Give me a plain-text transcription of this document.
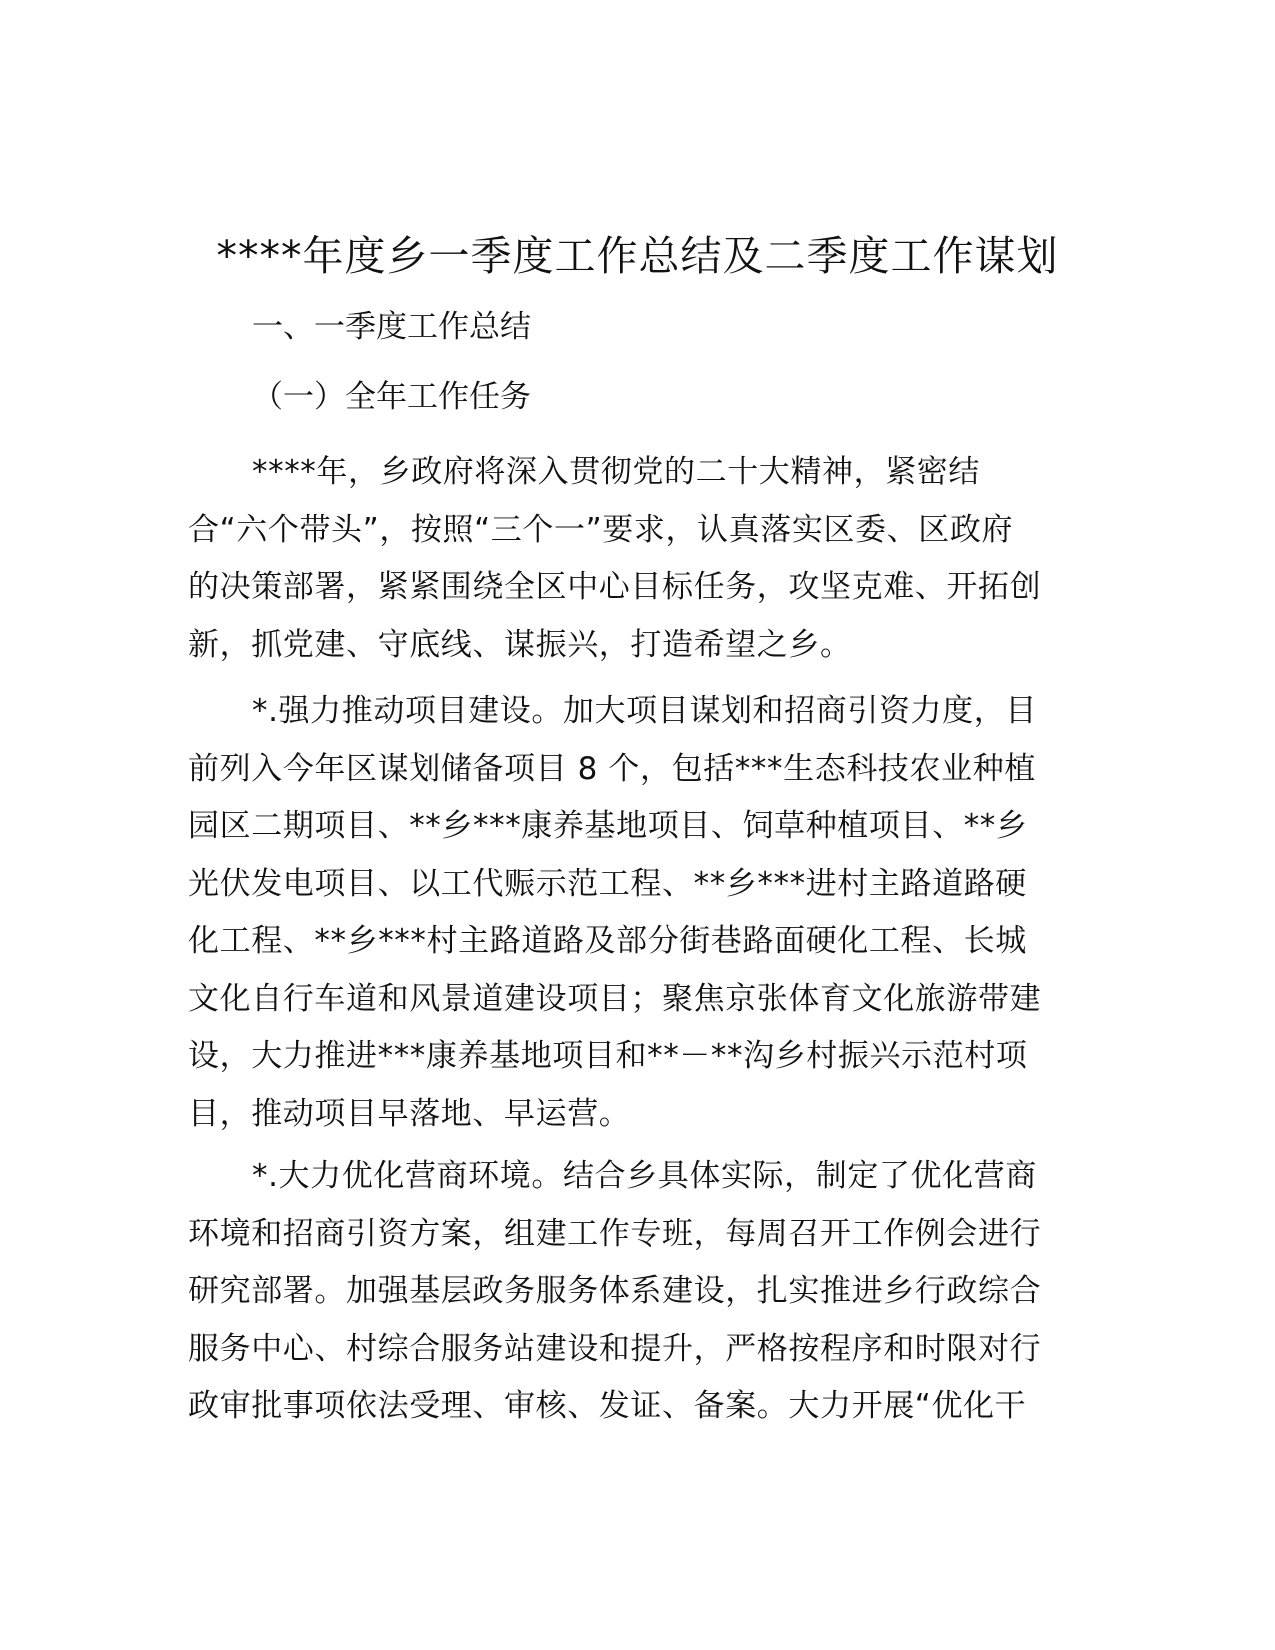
****年度乡一季度工作总结及二季度工作谋划
一、一季度工作总结
（一）全年工作任务
****年，乡政府将深入贯彻党的二十大精神，紧密结
合“六个带头”，按照“三个一”要求，认真落实区委、区政府
的决策部署，紧紧围绕全区中心目标任务，攻坚克难、开拓创
新，抓党建、守底线、谋振兴，打造希望之乡。
*.强力推动项目建设。加大项目谋划和招商引资力度，目
前列入今年区谋划储备项目 8 个，包括***生态科技农业种植
园区二期项目、**乡***康养基地项目、饲草种植项目、**乡
光伏发电项目、以工代赈示范工程、**乡***进村主路道路硬
化工程、**乡***村主路道路及部分街巷路面硬化工程、长城
文化自行车道和风景道建设项目；聚焦京张体育文化旅游带建
设，大力推进***康养基地项目和**－**沟乡村振兴示范村项
目，推动项目早落地、早运营。
*.大力优化营商环境。结合乡具体实际，制定了优化营商
环境和招商引资方案，组建工作专班，每周召开工作例会进行
研究部署。加强基层政务服务体系建设，扎实推进乡行政综合
服务中心、村综合服务站建设和提升，严格按程序和时限对行
政审批事项依法受理、审核、发证、备案。大力开展“优化干
